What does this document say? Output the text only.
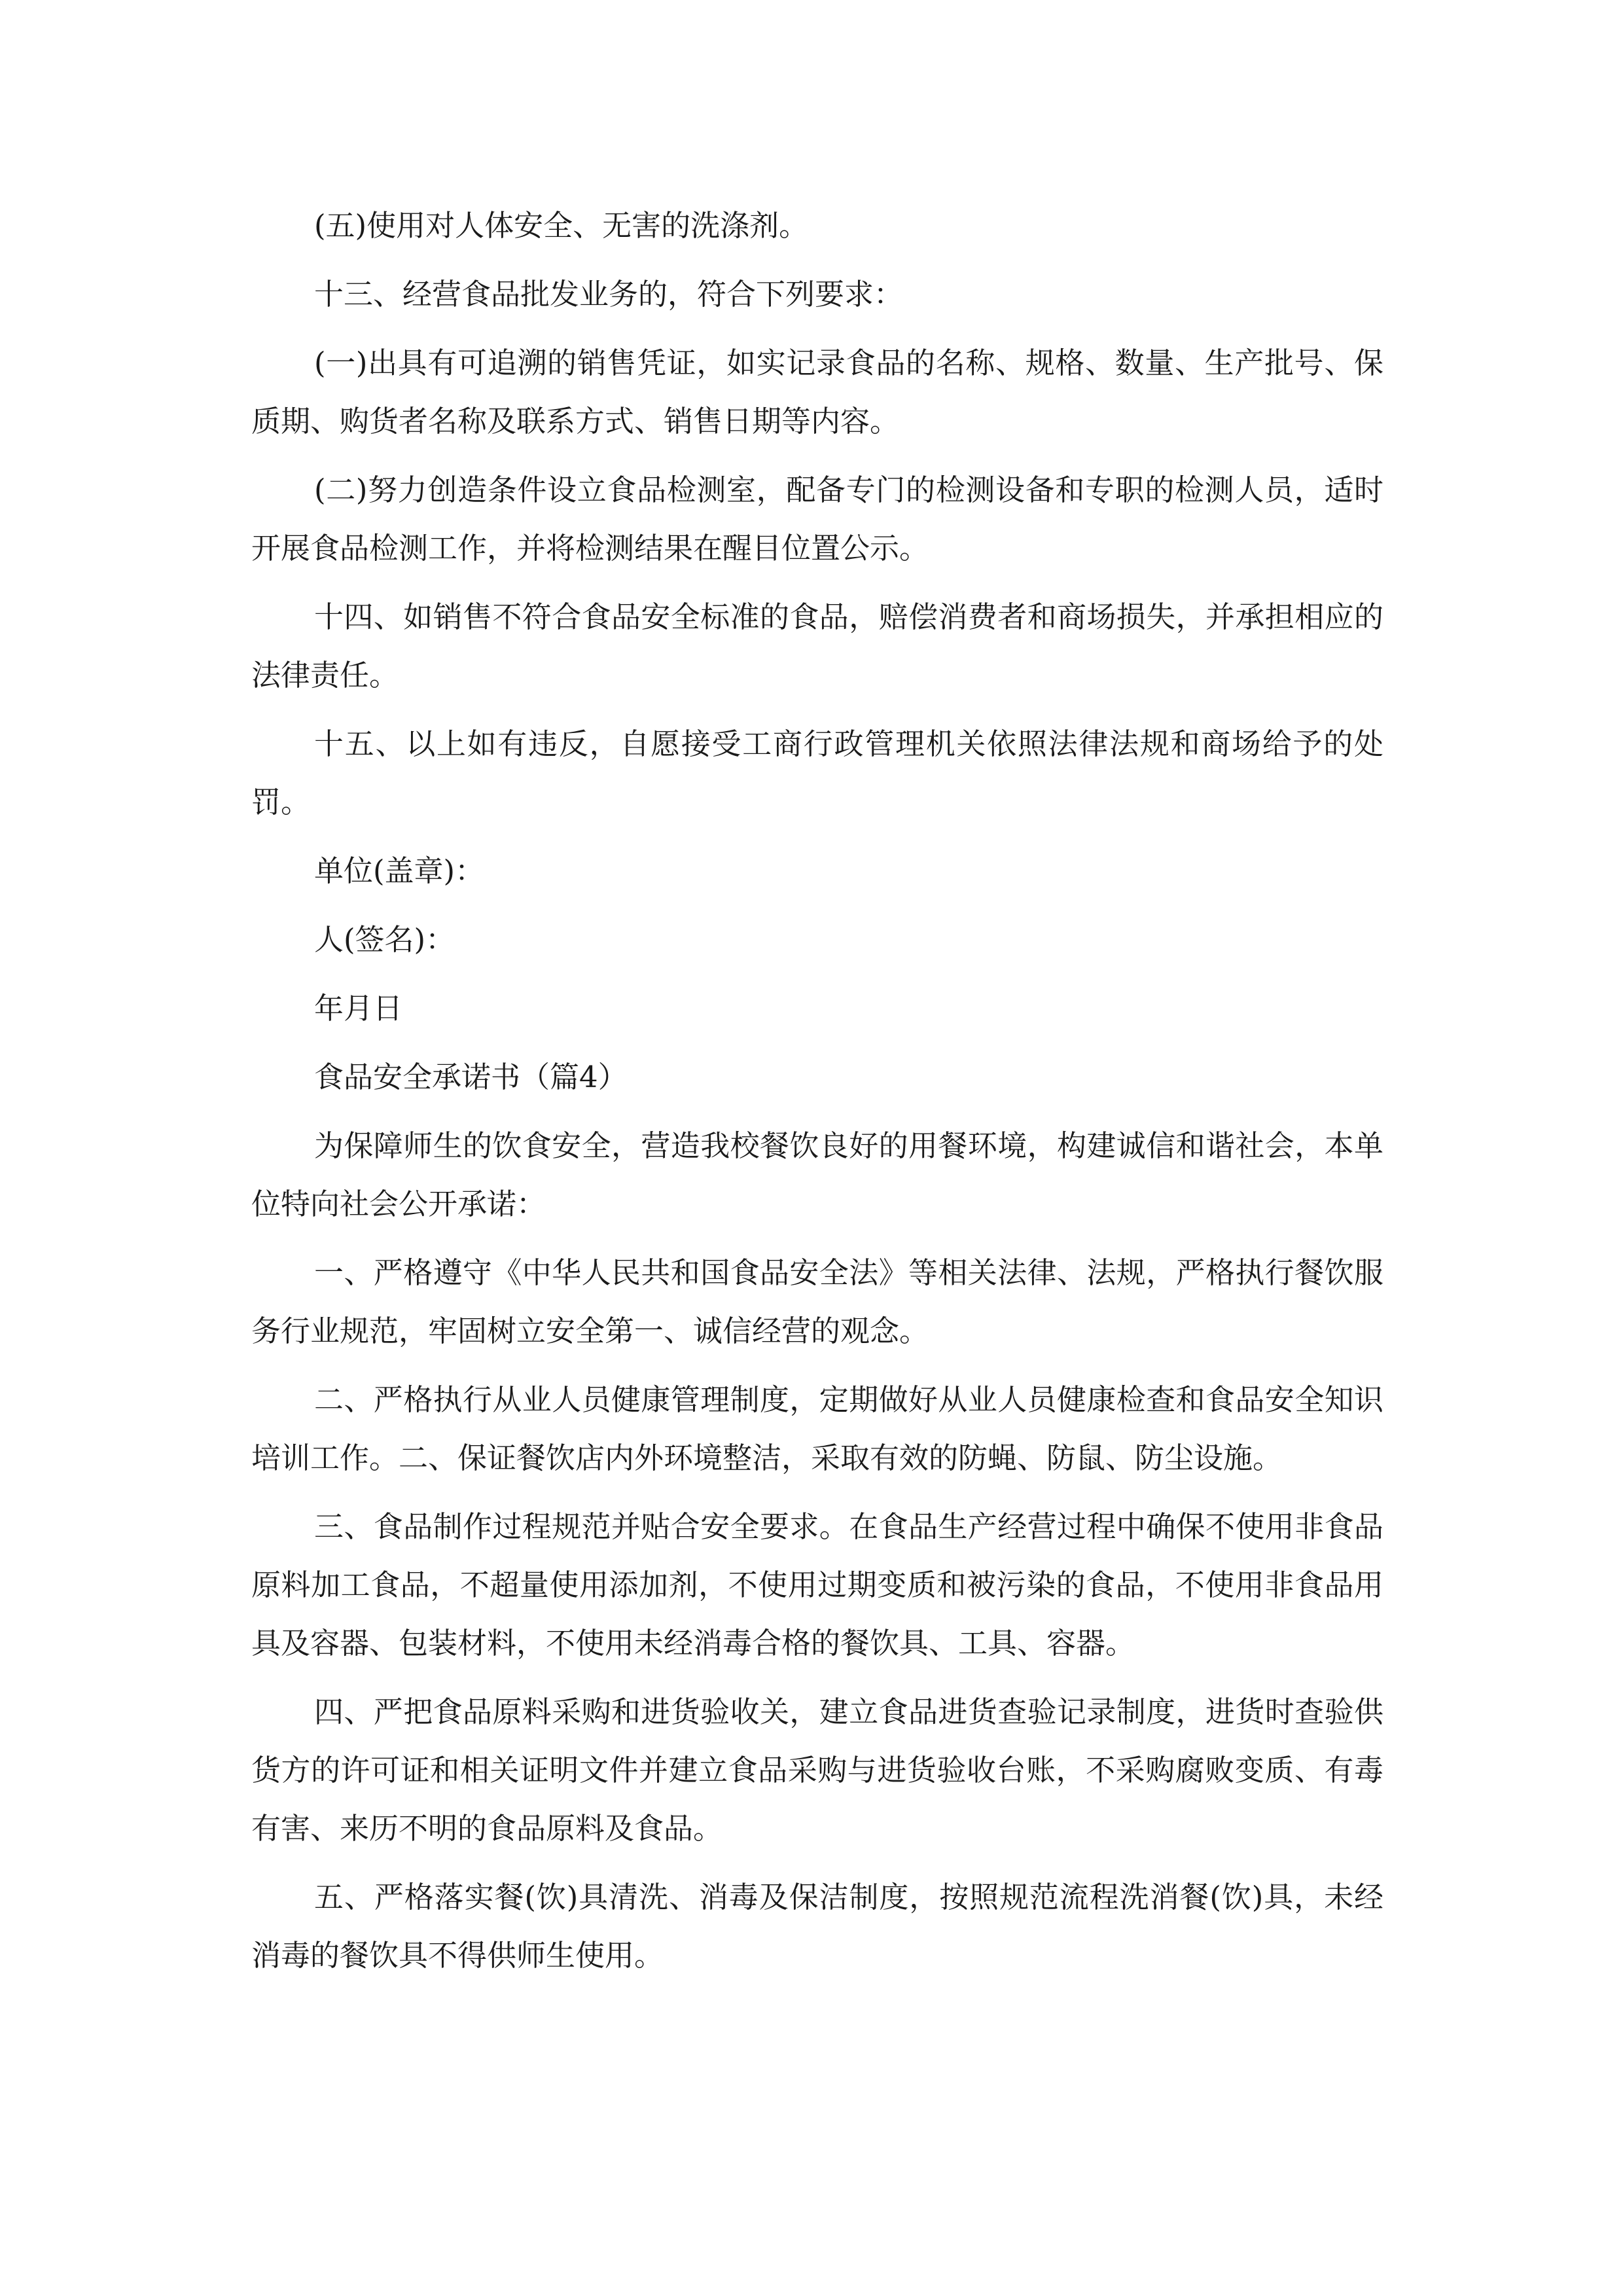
(五)使用对人体安全、无害的洗涤剂。

十三、经营食品批发业务的，符合下列要求：

(一)出具有可追溯的销售凭证，如实记录食品的名称、规格、数量、生产批号、保质期、购货者名称及联系方式、销售日期等内容。

(二)努力创造条件设立食品检测室，配备专门的检测设备和专职的检测人员，适时开展食品检测工作，并将检测结果在醒目位置公示。

十四、如销售不符合食品安全标准的食品，赔偿消费者和商场损失，并承担相应的法律责任。

十五、以上如有违反，自愿接受工商行政管理机关依照法律法规和商场给予的处罚。

单位(盖章)：

人(签名)：

年月日

食品安全承诺书（篇4）

为保障师生的饮食安全，营造我校餐饮良好的用餐环境，构建诚信和谐社会，本单位特向社会公开承诺：

一、严格遵守《中华人民共和国食品安全法》等相关法律、法规，严格执行餐饮服务行业规范，牢固树立安全第一、诚信经营的观念。

二、严格执行从业人员健康管理制度，定期做好从业人员健康检查和食品安全知识培训工作。二、保证餐饮店内外环境整洁，采取有效的防蝇、防鼠、防尘设施。

三、食品制作过程规范并贴合安全要求。在食品生产经营过程中确保不使用非食品原料加工食品，不超量使用添加剂，不使用过期变质和被污染的食品，不使用非食品用具及容器、包装材料，不使用未经消毒合格的餐饮具、工具、容器。

四、严把食品原料采购和进货验收关，建立食品进货查验记录制度，进货时查验供货方的许可证和相关证明文件并建立食品采购与进货验收台账，不采购腐败变质、有毒有害、来历不明的食品原料及食品。

五、严格落实餐(饮)具清洗、消毒及保洁制度，按照规范流程洗消餐(饮)具，未经消毒的餐饮具不得供师生使用。
